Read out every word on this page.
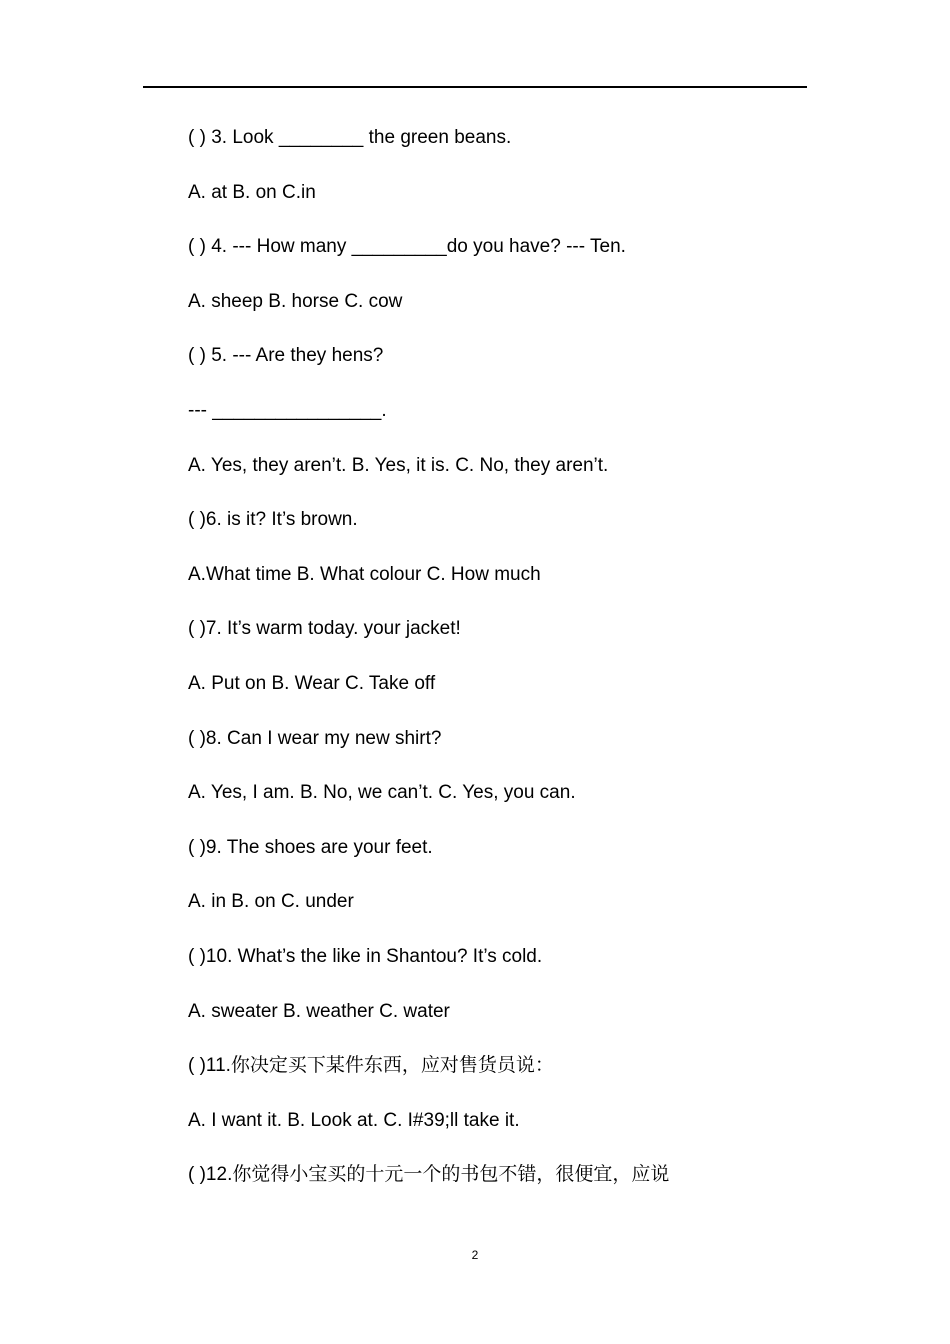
( ) 3. Look ________ the green beans.
A. at B. on C.in
( ) 4. --- How many _________do you have? --- Ten.
A. sheep B. horse C. cow
( ) 5. --- Are they hens?
--- ________________.
A. Yes, they aren’t. B. Yes, it is. C. No, they aren’t.
( )6. is it? It’s brown.
A.What time B. What colour C. How much
( )7. It’s warm today. your jacket!
A. Put on B. Wear C. Take off
( )8. Can I wear my new shirt?
A. Yes, I am. B. No, we can’t. C. Yes, you can.
( )9. The shoes are your feet.
A. in B. on C. under
( )10. What’s the like in Shantou? It’s cold.
A. sweater B. weather C. water
( )11.你决定买下某件东西，应对售货员说：
A. I want it. B. Look at. C. I#39;ll take it.
( )12.你觉得小宝买的十元一个的书包不错，很便宜，应说
2
